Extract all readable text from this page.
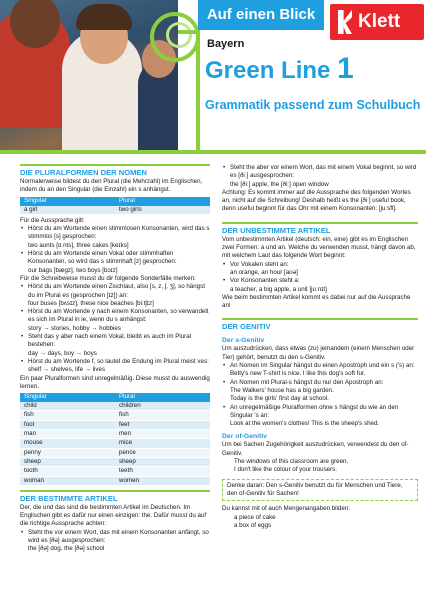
Auf einen Blick	Klett
Bayern
Green Line 1
Grammatik passend zum Schulbuch
DIE PLURALFORMEN DER NOMEN

Normalerweise bildest du den Plural (die Mehrzahl) im Englischen, indem du an den Singular (die Einzahl) ein s anhängst.

Singular	Plural
a girl	two girls

Für die Aussprache gilt:

• Hörst du am Wortende einen stimmlosen Konsonanten, wird das s stimmlos [s] gesprochen:

two aunts [ɑːnts], three cakes [keɪks]

• Hörst du am Wortende einen Vokal oder stimmhaften Konsonanten, so wird das s stimmhaft [z] gesprochen:

our bags [bægz], two boys [bɔɪz]

Für die Schreibweise musst du dir folgende Sonderfälle merken:

• Hörst du am Wortende einen Zischlaut, also [s, z, ʃ, ʒ], so hängst du im Plural es (gesprochen [ɪz]) an:

four buses [bʌsɪz], these nice beaches [biːtʃɪz]

• Hörst du am Wortende y nach einem Konsonanten, so verwandelt es sich im Plural in ie, wenn du s anhängst:

story → stories, hobby → hobbies

• Steht das y aber nach einem Vokal, bleibt es auch im Plural bestehen:

day → days, boy → boys

• Hörst du am Wortende f, so lautet die Endung im Plural meist ves:

shelf → shelves, life → lives

Ein paar Pluralformen sind unregelmäßig. Diese musst du auswendig lernen.

Singular	Plural
child	children
fish	fish
foot	feet
man	men
mouse	mice
penny	pence
sheep	sheep
tooth	teeth
woman	women
DER BESTIMMTE ARTIKEL

Der, die und das sind die bestimmten Artikel im Deutschen. Im Englischen gibt es dafür nur einen einzigen: the. Dafür musst du auf die richtige Aussprache achten:

• Steht the vor einem Wort, das mit einem Konsonanten anfängt, so wird es [ðə] ausgesprochen:

the [ðə] dog, the [ðə] school

• Steht the aber vor einem Wort, das mit einem Vokal beginnt, so wird es [ðiː] ausgesprochen:

the [ðiː] apple, the [ðiː] open window

Achtung: Es kommt immer auf die Aussprache des folgenden Wortes an, nicht auf die Schreibung! Deshalb heißt es the [ðiː] useful book, denn useful beginnt für das Ohr mit einem Konsonanten: [juːsfl].

DER UNBESTIMMTE ARTIKEL

Vom unbestimmten Artikel (deutsch: ein, eine) gibt es im Englischen zwei Formen: a und an. Welche du verwenden musst, hängt davon ab, mit welchem Laut das folgende Wort beginnt:

• Vor Vokalen steht an:

an orange, an hour [aʊə]

• Vor Konsonanten steht a:

a teacher, a big apple, a unit [juːnɪt]

Wie beim bestimmten Artikel kommt es dabei nur auf die Aussprache an!

DER GENITIV
Der s-Genitiv

Um auszudrücken, dass etwas (zu) jemandem (einem Menschen oder Tier) gehört, benutzt du den s-Genitiv.

• An Nomen im Singular hängst du einen Apostroph und ein s ('s) an:

Betty's new T-shirt is nice. I like this dog's soft fur.

• An Nomen mit Plural-s hängst du nur den Apostroph an:

The Walkers' house has a big garden.

Today is the girls' first day at school.

• An unregelmäßige Pluralformen ohne s hängst du wie an den Singular 's an:

Look at the women's clothes! This is the sheep's shed.

Der of-Genitiv

Um bei Sachen Zugehörigkeit auszudrücken, verwendest du den of-Genitiv.

The windows of this classroom are green.

I don't like the colour of your trousers.

Denke daran: Den s-Genitiv benutzt du für Menschen und Tiere, den of-Genitiv für Sachen!

Du kannst mit of auch Mengenangaben bilden:

a piece of cake

a box of eggs
